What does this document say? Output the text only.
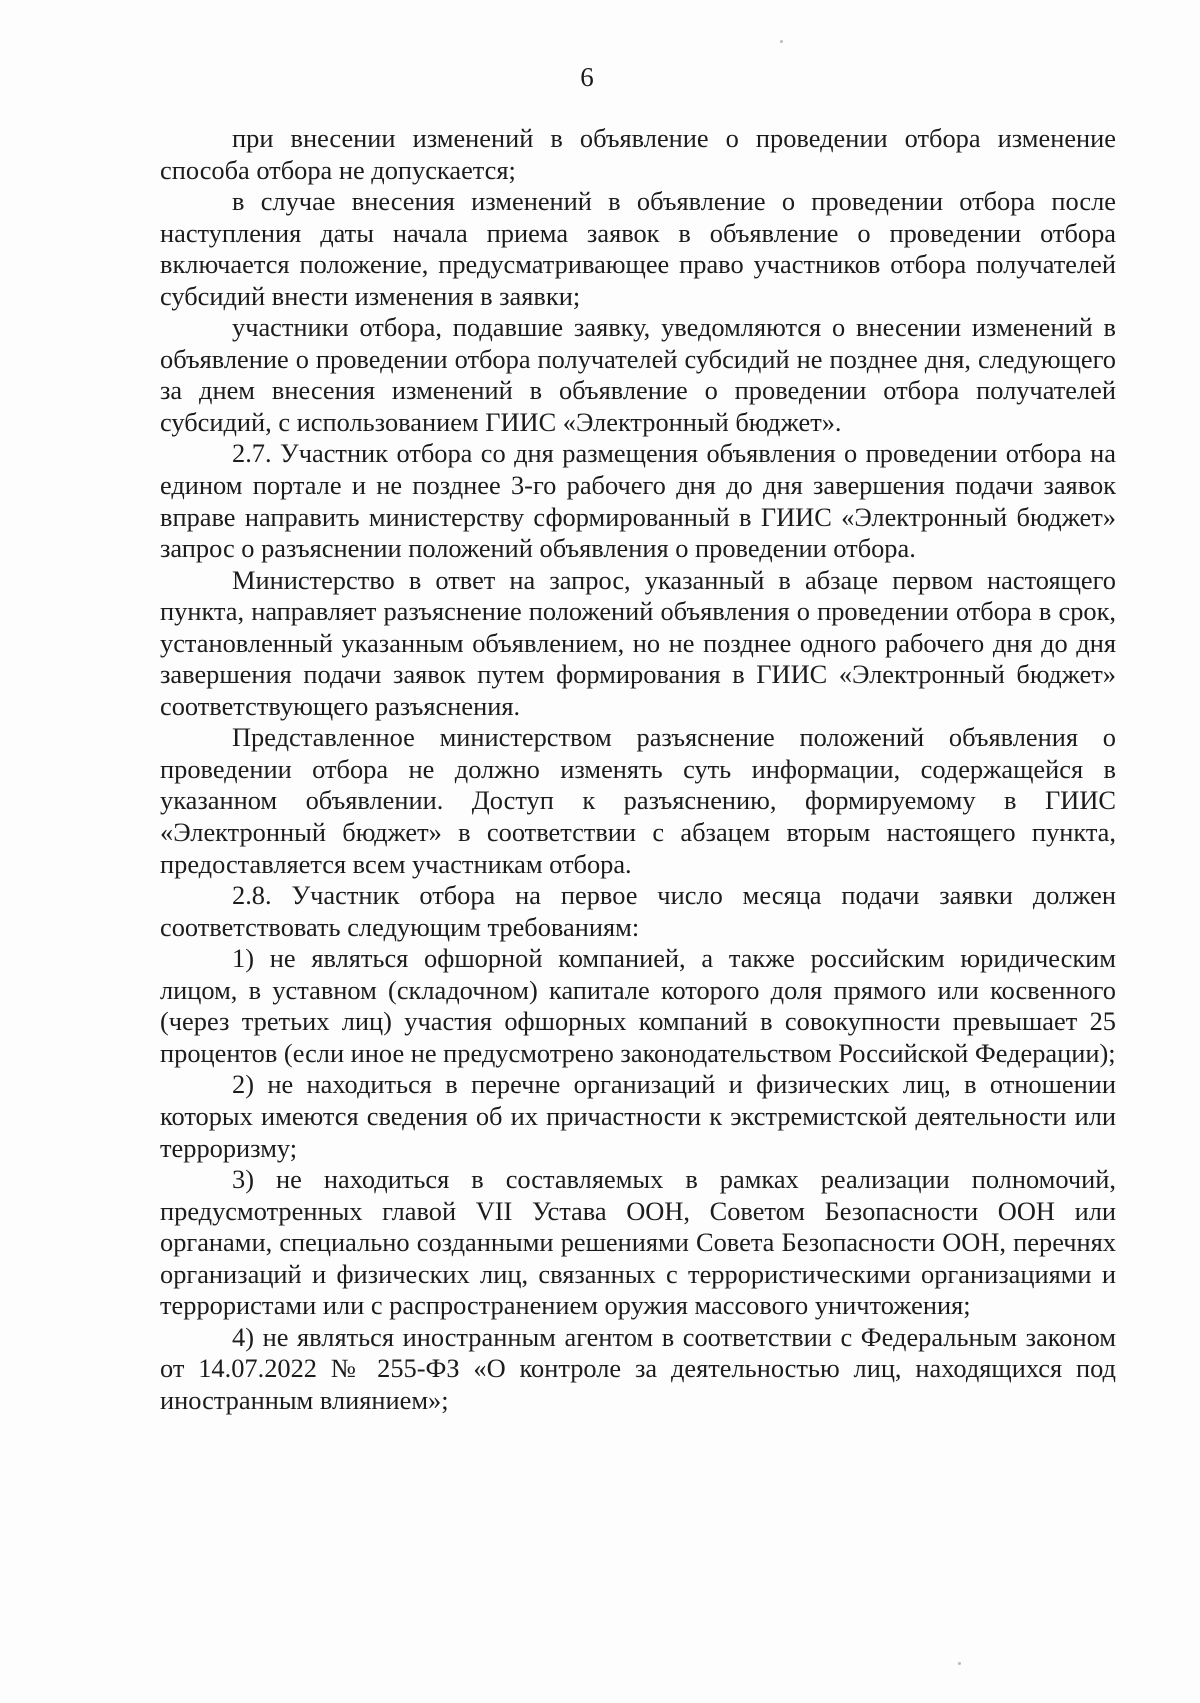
6

при внесении изменений в объявление о проведении отбора изменение способа отбора не допускается;

в случае внесения изменений в объявление о проведении отбора после наступления даты начала приема заявок в объявление о проведении отбора включается положение, предусматривающее право участников отбора получателей субсидий внести изменения в заявки;

участники отбора, подавшие заявку, уведомляются о внесении изменений в объявление о проведении отбора получателей субсидий не позднее дня, следующего за днем внесения изменений в объявление о проведении отбора получателей субсидий, с использованием ГИИС «Электронный бюджет».

2.7. Участник отбора со дня размещения объявления о проведении отбора на едином портале и не позднее 3-го рабочего дня до дня завершения подачи заявок вправе направить министерству сформированный в ГИИС «Электронный бюджет» запрос о разъяснении положений объявления о проведении отбора.

Министерство в ответ на запрос, указанный в абзаце первом настоящего пункта, направляет разъяснение положений объявления о проведении отбора в срок, установленный указанным объявлением, но не позднее одного рабочего дня до дня завершения подачи заявок путем формирования в ГИИС «Электронный бюджет» соответствующего разъяснения.

Представленное министерством разъяснение положений объявления о проведении отбора не должно изменять суть информации, содержащейся в указанном объявлении. Доступ к разъяснению, формируемому в ГИИС «Электронный бюджет» в соответствии с абзацем вторым настоящего пункта, предоставляется всем участникам отбора.

2.8. Участник отбора на первое число месяца подачи заявки должен соответствовать следующим требованиям:

1) не являться офшорной компанией, а также российским юридическим лицом, в уставном (складочном) капитале которого доля прямого или косвенного (через третьих лиц) участия офшорных компаний в совокупности превышает 25 процентов (если иное не предусмотрено законодательством Российской Федерации);

2) не находиться в перечне организаций и физических лиц, в отношении которых имеются сведения об их причастности к экстремистской деятельности или терроризму;

3) не находиться в составляемых в рамках реализации полномочий, предусмотренных главой VII Устава ООН, Советом Безопасности ООН или органами, специально созданными решениями Совета Безопасности ООН, перечнях организаций и физических лиц, связанных с террористическими организациями и террористами или с распространением оружия массового уничтожения;

4) не являться иностранным агентом в соответствии с Федеральным законом от 14.07.2022 № 255-ФЗ «О контроле за деятельностью лиц, находящихся под иностранным влиянием»;
